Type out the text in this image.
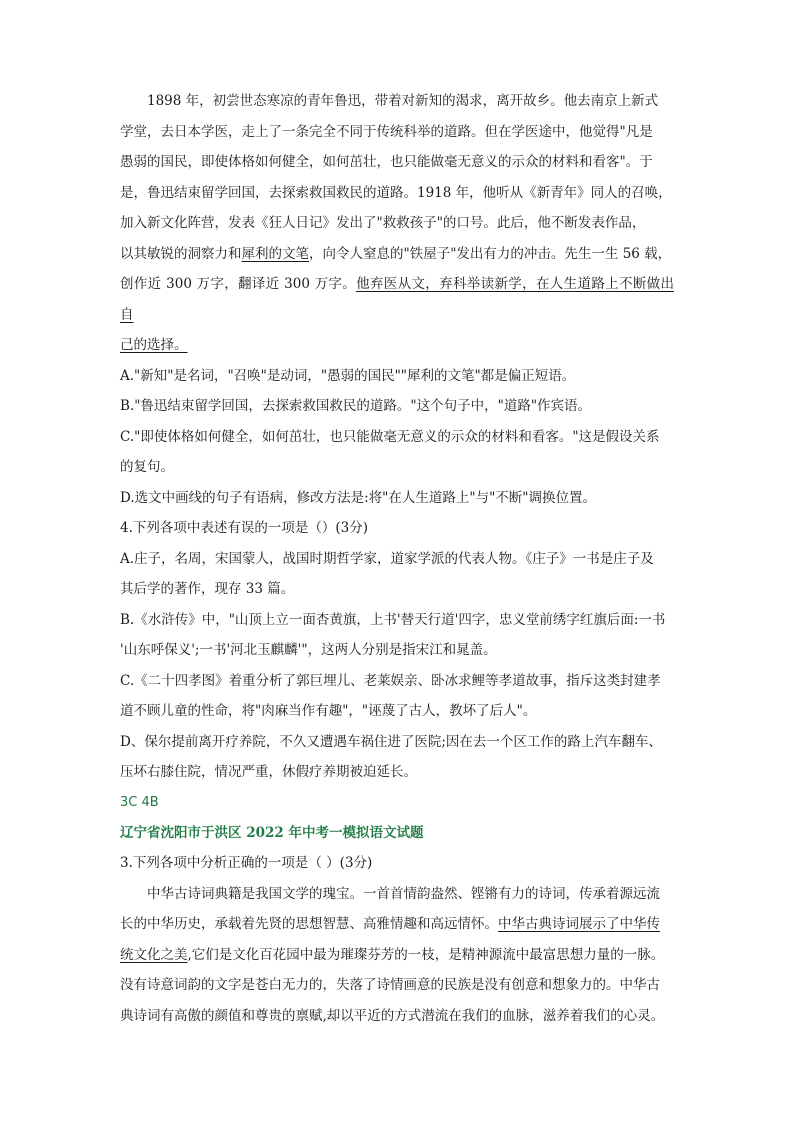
1898 年，初尝世态寒凉的青年鲁迅，带着对新知的渴求，离开故乡。他去南京上新式

学堂，去日本学医，走上了一条完全不同于传统科举的道路。但在学医途中，他觉得"凡是

愚弱的国民，即使体格如何健全，如何茁壮，也只能做毫无意义的示众的材料和看客"。于

是，鲁迅结束留学回国，去探索救国救民的道路。1918 年，他听从《新青年》同人的召唤，

加入新文化阵营，发表《狂人日记》发出了"救救孩子"的口号。此后，他不断发表作品，

以其敏锐的洞察力和犀利的文笔，向令人窒息的"铁屋子"发出有力的冲击。先生一生 56 载，

创作近 300 万字，翻译近 300 万字。他弃医从文，弃科举读新学，在人生道路上不断做出自

己的选择。

A."新知"是名词，"召唤"是动词，"愚弱的国民""犀利的文笔"都是偏正短语。

B."鲁迅结束留学回国，去探索救国救民的道路。"这个句子中，"道路"作宾语。

C."即使体格如何健全，如何茁壮，也只能做毫无意义的示众的材料和看客。"这是假设关系

的复句。

D.选文中画线的句子有语病，修改方法是:将"在人生道路上"与"不断"调换位置。

4.下列各项中表述有误的一项是（）(3分)

A.庄子，名周，宋国蒙人，战国时期哲学家，道家学派的代表人物。《庄子》一书是庄子及

其后学的著作，现存 33 篇。

B.《水浒传》中，"山顶上立一面杏黄旗，上书'替天行道'四字，忠义堂前绣字红旗后面:一书

'山东呼保义';一书'河北玉麒麟'"，这两人分别是指宋江和晁盖。

C.《二十四孝图》着重分析了郭巨埋儿、老莱娱亲、卧冰求鲤等孝道故事，指斥这类封建孝

道不顾儿童的性命，将"肉麻当作有趣"，"诬蔑了古人，教坏了后人"。

D、保尔提前离开疗养院，不久又遭遇车祸住进了医院;因在去一个区工作的路上汽车翻车、

压坏右膝住院，情况严重，休假疗养期被迫延长。

3C 4B

辽宁省沈阳市于洪区 2022 年中考一模拟语文试题

3.下列各项中分析正确的一项是（ ）(3分)

中华古诗词典籍是我国文学的瑰宝。一首首情韵盎然、铿锵有力的诗词，传承着源远流

长的中华历史，承载着先贤的思想智慧、高雅情趣和高远情怀。中华古典诗词展示了中华传

统文化之美,它们是文化百花园中最为璀璨芬芳的一枝，是精神源流中最富思想力量的一脉。

没有诗意词韵的文字是苍白无力的，失落了诗情画意的民族是没有创意和想象力的。中华古

典诗词有高傲的颜值和尊贵的禀赋,却以平近的方式潜流在我们的血脉，滋养着我们的心灵。
